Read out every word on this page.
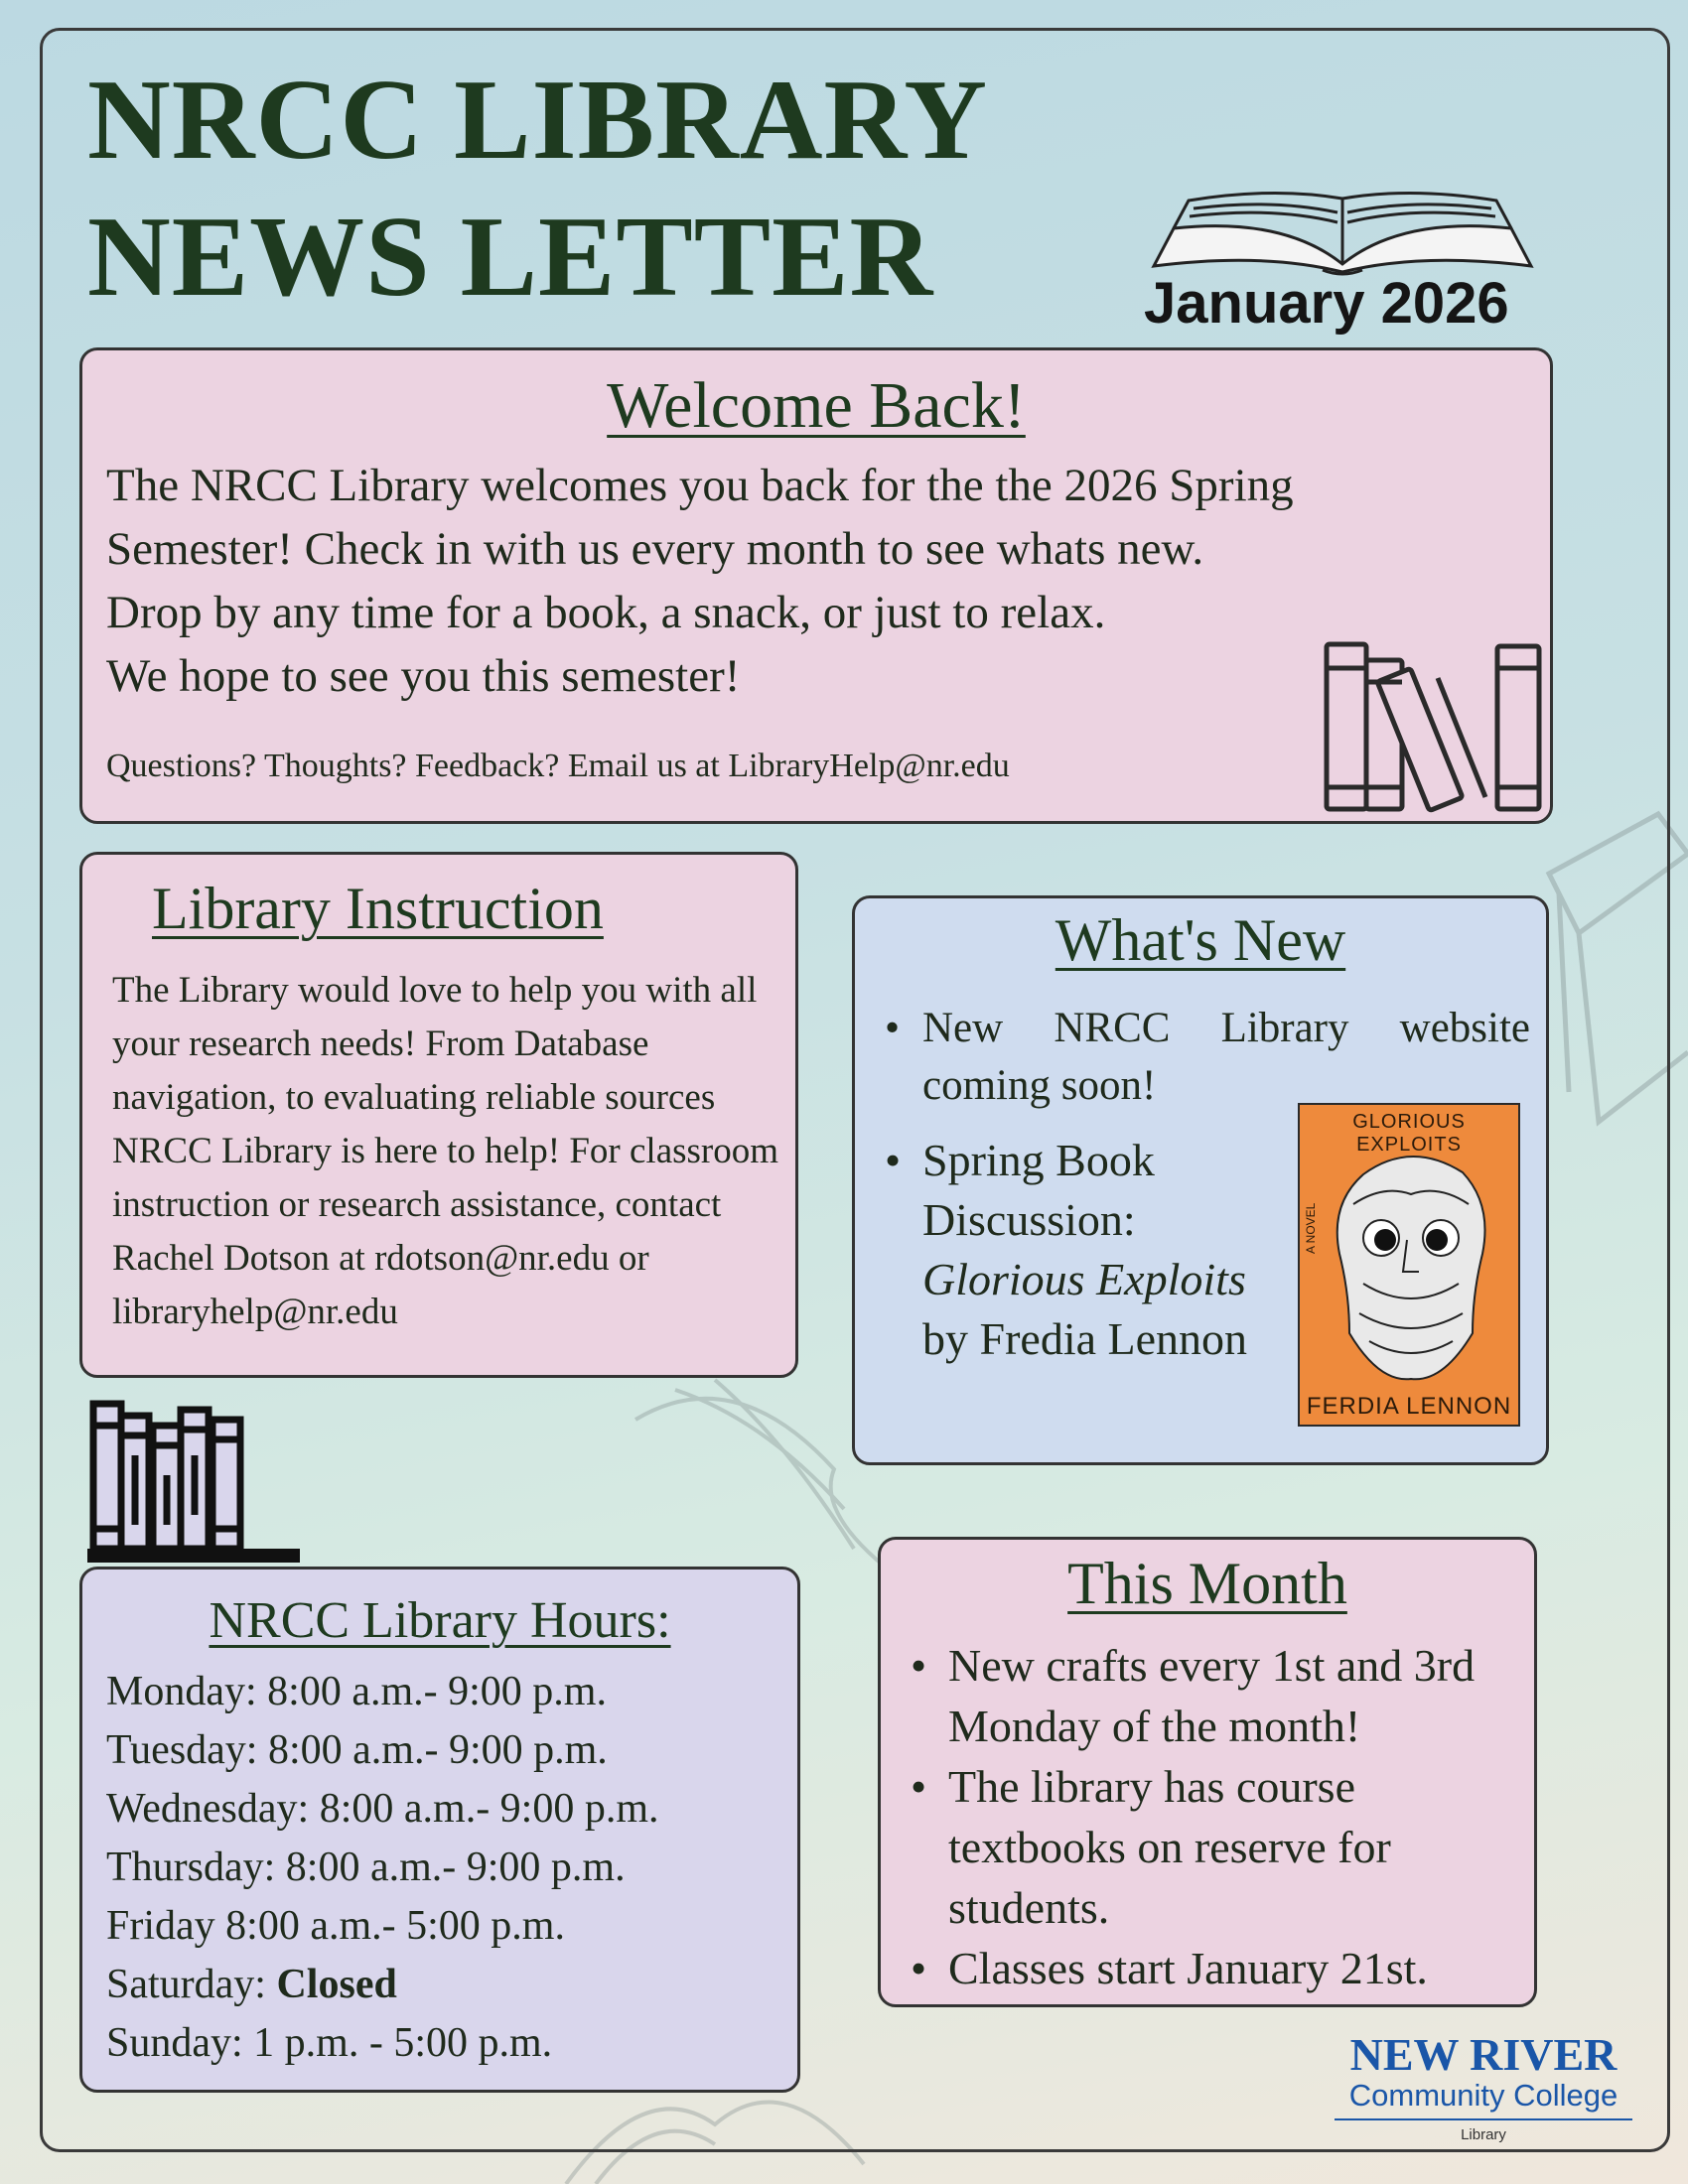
NRCC LIBRARY
NEWS LETTER	January 2026
Welcome Back!

The NRCC Library welcomes you back for the the 2026 Spring

Semester! Check in with us every month to see whats new.

Drop by any time for a book, a snack, or just to relax.

We hope to see you this semester!

Questions? Thoughts? Feedback? Email us at LibraryHelp@nr.edu
Library Instruction
The Library would love to help you with all your research needs! From Database navigation, to evaluating reliable sources NRCC Library is here to help! For classroom instruction or research assistance, contact Rachel Dotson at rdotson@nr.edu or libraryhelp@nr.edu
What's New
• New NRCC Library website coming soon!
• Spring Book Discussion:
Glorious Exploits
by Fredia Lennon
GLORIOUS EXPLOITS
A NOVEL
FERDIA LENNON
NRCC Library Hours:
Monday: 8:00 a.m.- 9:00 p.m.
Tuesday: 8:00 a.m.- 9:00 p.m.
Wednesday: 8:00 a.m.- 9:00 p.m.
Thursday: 8:00 a.m.- 9:00 p.m.
Friday 8:00 a.m.- 5:00 p.m.
Saturday: Closed
Sunday: 1 p.m. - 5:00 p.m.
This Month
• New crafts every 1st and 3rd Monday of the month!
• The library has course textbooks on reserve for students.
• Classes start January 21st.
NEW RIVER
Community College
Library
